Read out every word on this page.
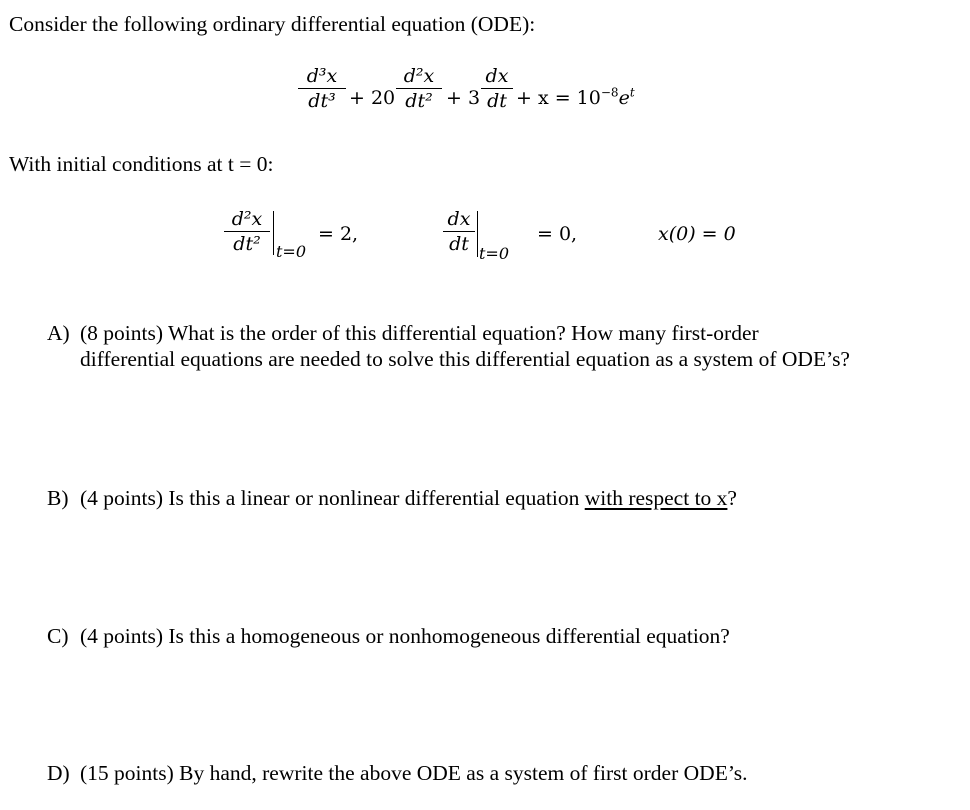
Consider the following ordinary differential equation (ODE):
d³x
dt³ + 20
d²x
dt² + 3
dx
dt + $x = 10^{-8}e^t$
With initial conditions at t = 0:
d²x
dt² t=0
= 2,
dx
dt t=0
= 0,	x(0) = 0
A) (8 points) What is the order of this differential equation? How many first-order
differential equations are needed to solve this differential equation as a system of ODE’s?
B) (4 points) Is this a linear or nonlinear differential equation with respect to x?
C) (4 points) Is this a homogeneous or nonhomogeneous differential equation?
D) (15 points) By hand, rewrite the above ODE as a system of first order ODE’s.
